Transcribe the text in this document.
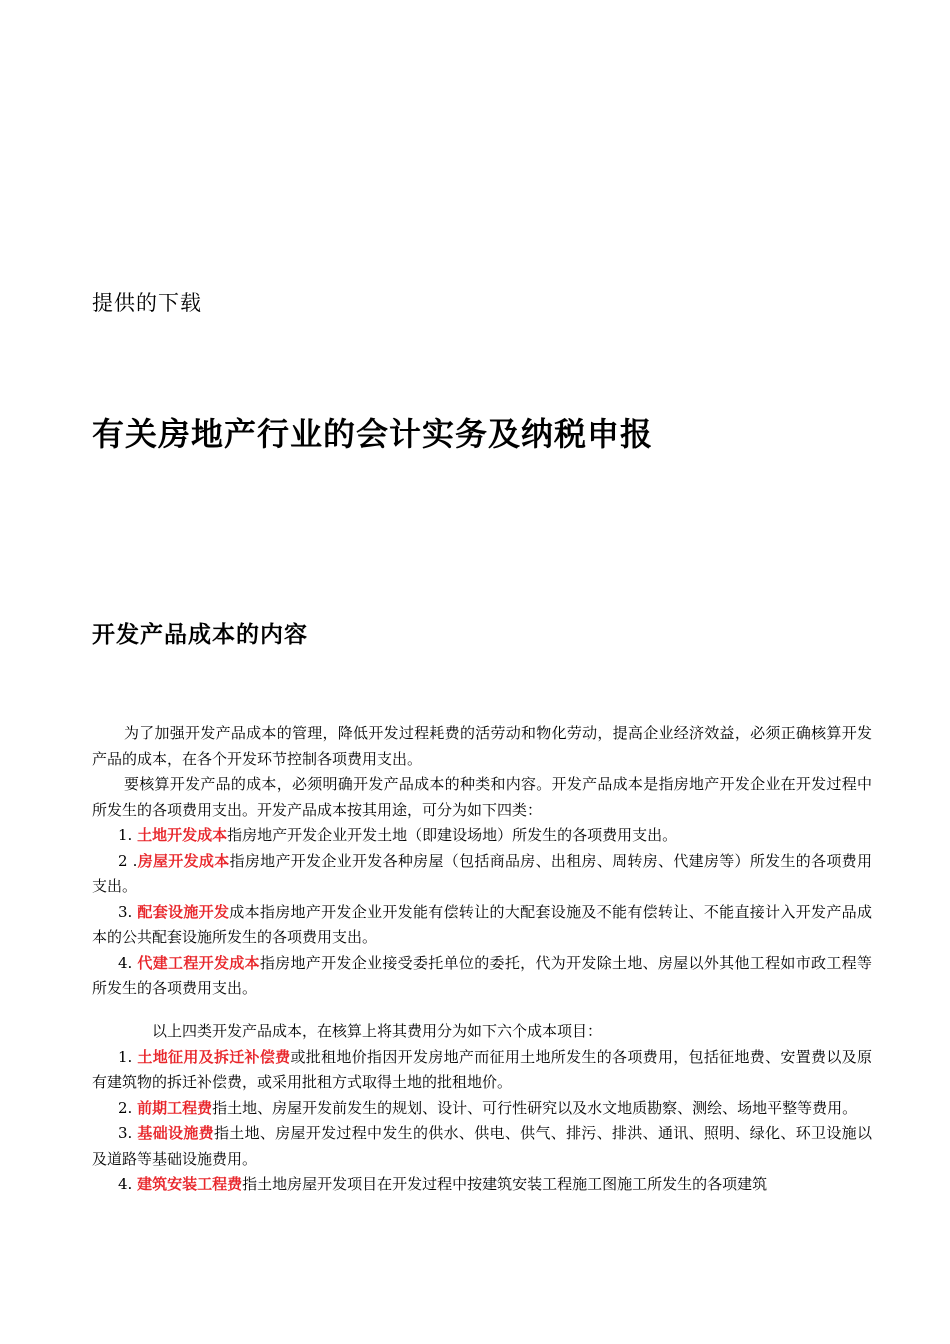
提供的下载
有关房地产行业的会计实务及纳税申报
开发产品成本的内容

为了加强开发产品成本的管理，降低开发过程耗费的活劳动和物化劳动，提高企业经济效益，必须正确核算开发产品的成本，在各个开发环节控制各项费用支出。

要核算开发产品的成本，必须明确开发产品成本的种类和内容。开发产品成本是指房地产开发企业在开发过程中所发生的各项费用支出。开发产品成本按其用途，可分为如下四类：

1. 土地开发成本指房地产开发企业开发土地（即建设场地）所发生的各项费用支出。

2 .房屋开发成本指房地产开发企业开发各种房屋（包括商品房、出租房、周转房、代建房等）所发生的各项费用支出。

3. 配套设施开发成本指房地产开发企业开发能有偿转让的大配套设施及不能有偿转让、不能直接计入开发产品成本的公共配套设施所发生的各项费用支出。

4. 代建工程开发成本指房地产开发企业接受委托单位的委托，代为开发除土地、房屋以外其他工程如市政工程等所发生的各项费用支出。

以上四类开发产品成本，在核算上将其费用分为如下六个成本项目：

1. 土地征用及拆迁补偿费或批租地价指因开发房地产而征用土地所发生的各项费用，包括征地费、安置费以及原有建筑物的拆迁补偿费，或采用批租方式取得土地的批租地价。

2. 前期工程费指土地、房屋开发前发生的规划、设计、可行性研究以及水文地质勘察、测绘、场地平整等费用。

3. 基础设施费指土地、房屋开发过程中发生的供水、供电、供气、排污、排洪、通讯、照明、绿化、环卫设施以及道路等基础设施费用。

4. 建筑安装工程费指土地房屋开发项目在开发过程中按建筑安装工程施工图施工所发生的各项建筑
